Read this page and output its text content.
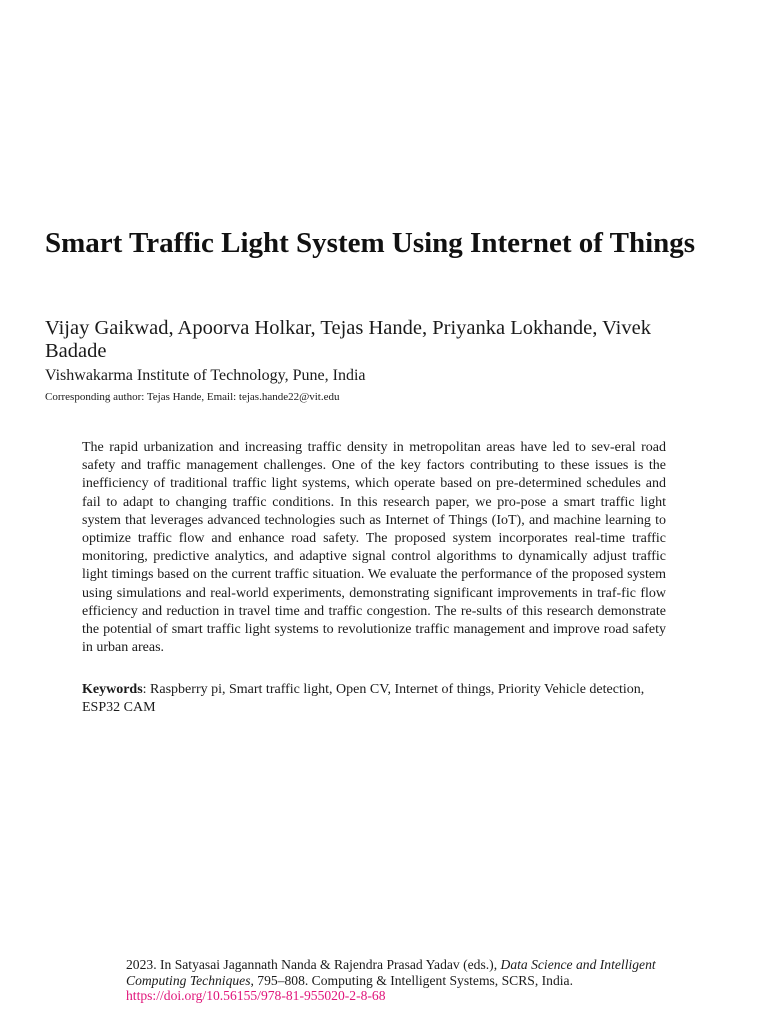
Smart Traffic Light System Using Internet of Things

Vijay Gaikwad, Apoorva Holkar, Tejas Hande, Priyanka Lokhande, Vivek Badade

Vishwakarma Institute of Technology, Pune, India

Corresponding author: Tejas Hande, Email: tejas.hande22@vit.edu

The rapid urbanization and increasing traffic density in metropolitan areas have led to sev-eral road safety and traffic management challenges. One of the key factors contributing to these issues is the inefficiency of traditional traffic light systems, which operate based on pre-determined schedules and fail to adapt to changing traffic conditions. In this research paper, we pro-pose a smart traffic light system that leverages advanced technologies such as Internet of Things (IoT), and machine learning to optimize traffic flow and enhance road safety. The proposed system incorporates real-time traffic monitoring, predictive analytics, and adaptive signal control algorithms to dynamically adjust traffic light timings based on the current traffic situation. We evaluate the performance of the proposed system using simulations and real-world experiments, demonstrating significant improvements in traf-fic flow efficiency and reduction in travel time and traffic congestion. The re-sults of this research demonstrate the potential of smart traffic light systems to revolutionize traffic management and improve road safety in urban areas.

Keywords: Raspberry pi, Smart traffic light, Open CV, Internet of things, Priority Vehicle detection, ESP32 CAM

2023. In Satyasai Jagannath Nanda & Rajendra Prasad Yadav (eds.), Data Science and Intelligent Computing Techniques, 795–808. Computing & Intelligent Systems, SCRS, India. https://doi.org/10.56155/978-81-955020-2-8-68
